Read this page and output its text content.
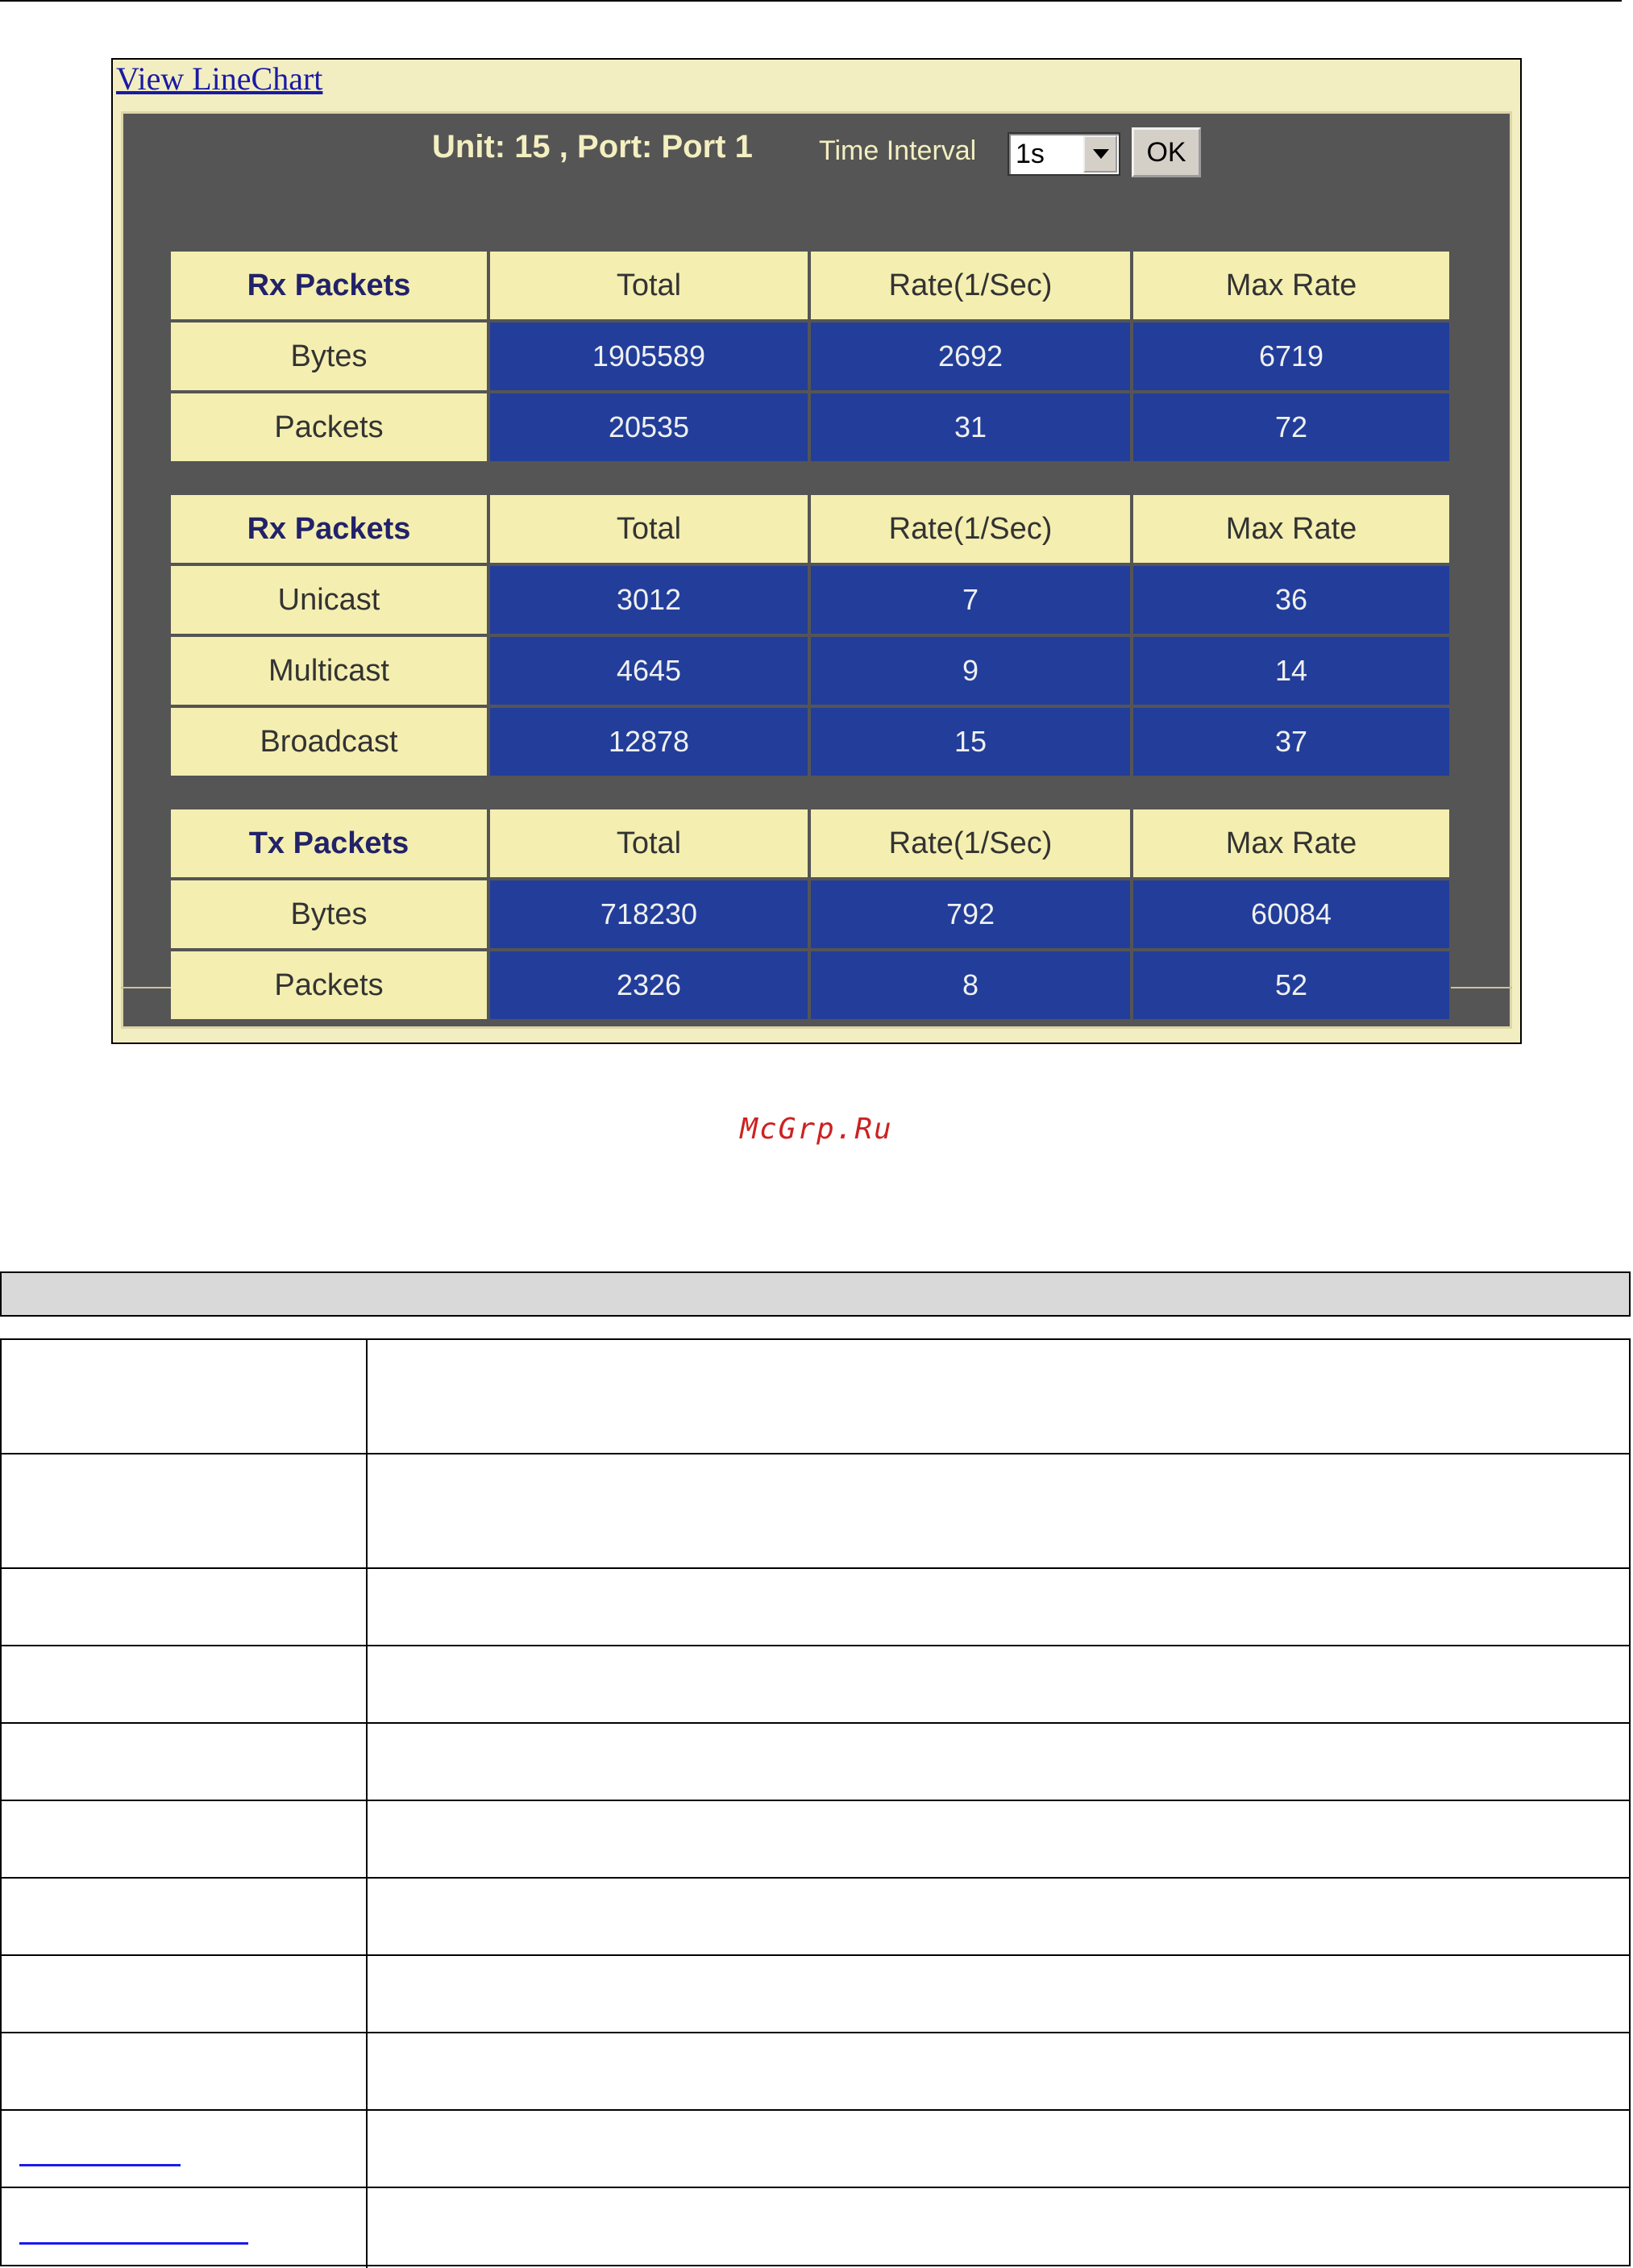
View LineChart
Unit: 15 , Port: Port 1 Time Interval 1s	OK
Rx Packets	Total	Rate(1/Sec)	Max Rate
Bytes	1905589	2692	6719
Packets	20535	31	72
Rx Packets	Total	Rate(1/Sec)	Max Rate
Unicast	3012	7	36
Multicast	4645	9	14
Broadcast	12878	15	37
Tx Packets	Total	Rate(1/Sec)	Max Rate
Bytes	718230	792	60084
Packets	2326	8	52
McGrp.Ru
